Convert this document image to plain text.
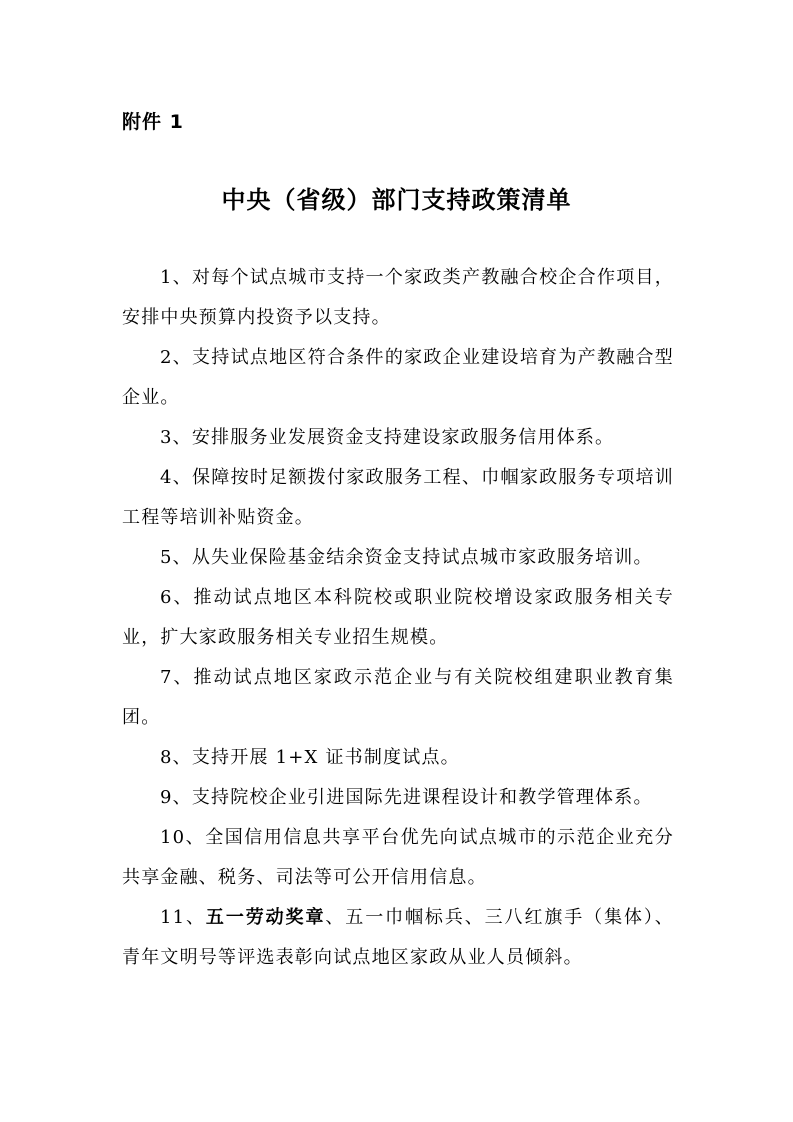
附件 1
中央（省级）部门支持政策清单
1、对每个试点城市支持一个家政类产教融合校企合作项目，安排中央预算内投资予以支持。
2、支持试点地区符合条件的家政企业建设培育为产教融合型企业。
3、安排服务业发展资金支持建设家政服务信用体系。
4、保障按时足额拨付家政服务工程、巾帼家政服务专项培训工程等培训补贴资金。
5、从失业保险基金结余资金支持试点城市家政服务培训。
6、推动试点地区本科院校或职业院校增设家政服务相关专业，扩大家政服务相关专业招生规模。
7、推动试点地区家政示范企业与有关院校组建职业教育集团。
8、支持开展 1+X 证书制度试点。
9、支持院校企业引进国际先进课程设计和教学管理体系。
10、全国信用信息共享平台优先向试点城市的示范企业充分共享金融、税务、司法等可公开信用信息。
11、五一劳动奖章、五一巾帼标兵、三八红旗手（集体）、青年文明号等评选表彰向试点地区家政从业人员倾斜。
